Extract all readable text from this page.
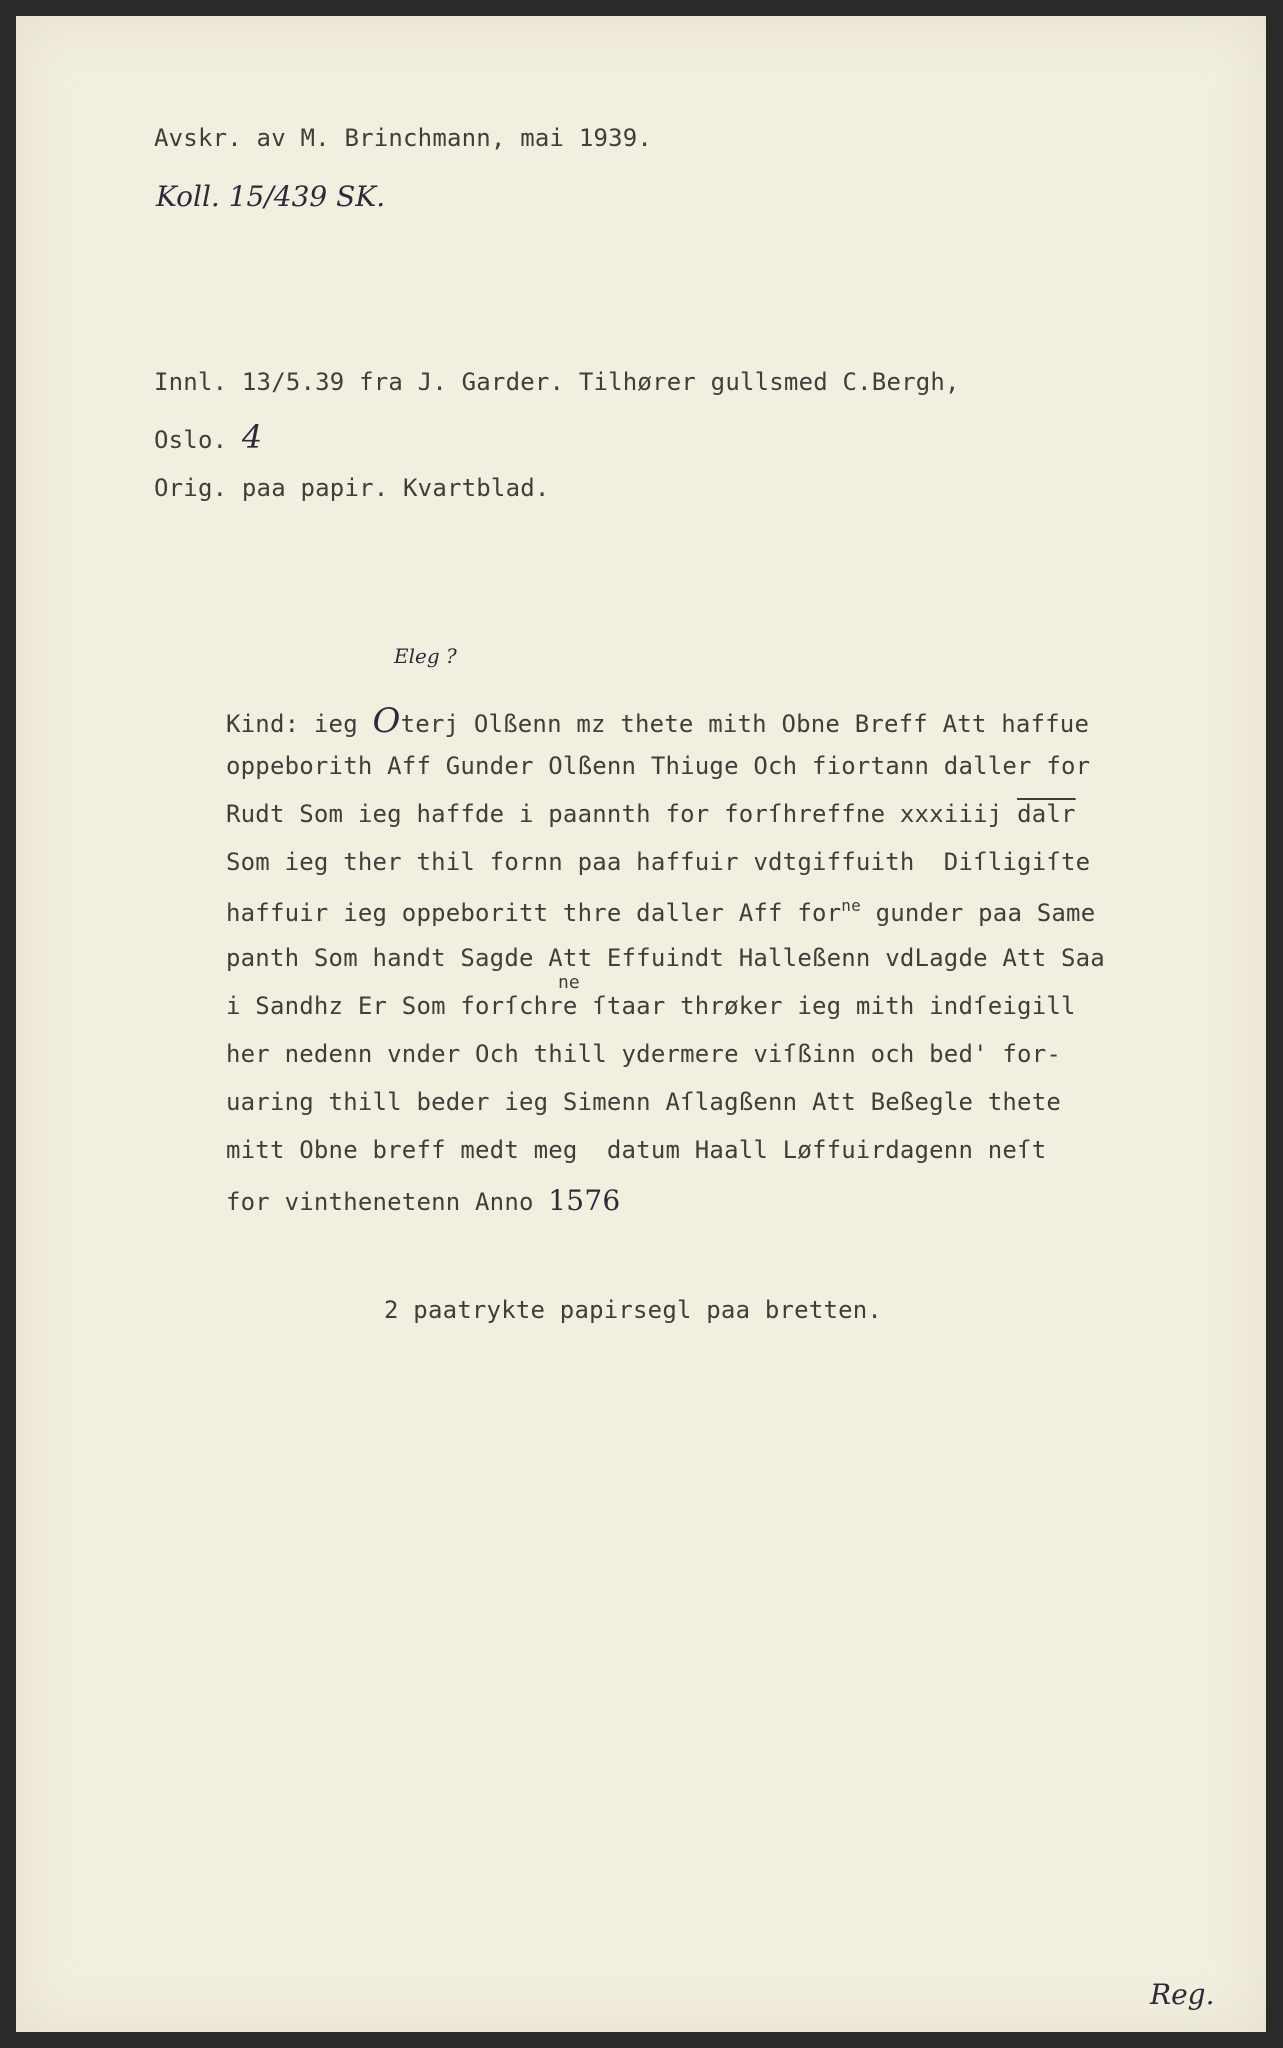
Avskr. av M. Brinchmann, mai 1939.
Koll. 15/439 SK.
Innl. 13/5.39 fra J. Garder. Tilhører gullsmed C.Bergh,
Oslo. 4
Orig. paa papir. Kvartblad.
Eleg ?
Kind: ieg Oterj Olßenn mz thete mith Obne Breff Att haffue
oppeborith Aff Gunder Olßenn Thiuge Och fiortann daller for
Rudt Som ieg haffde i paannth for forſhreffne xxxiiij dalr
Som ieg ther thil fornn paa haffuir vdtgiffuith  Diſligiſte
haffuir ieg oppeboritt thre daller Aff for$^{ne}$ gunder paa Same
panth Som handt Sagde Att Effuindt Halleßenn vdLagde Att Saa
ne
i Sandhz Er Som forſchre ſtaar thrøker ieg mith indſeigill
her nedenn vnder Och thill ydermere viſßinn och bed' for-
uaring thill beder ieg Simenn Aſlagßenn Att Beßegle thete
mitt Obne breff medt meg  datum Haall Løffuirdagenn neſt
for vinthenetenn Anno 1576
2 paatrykte papirsegl paa bretten.
Reg.
